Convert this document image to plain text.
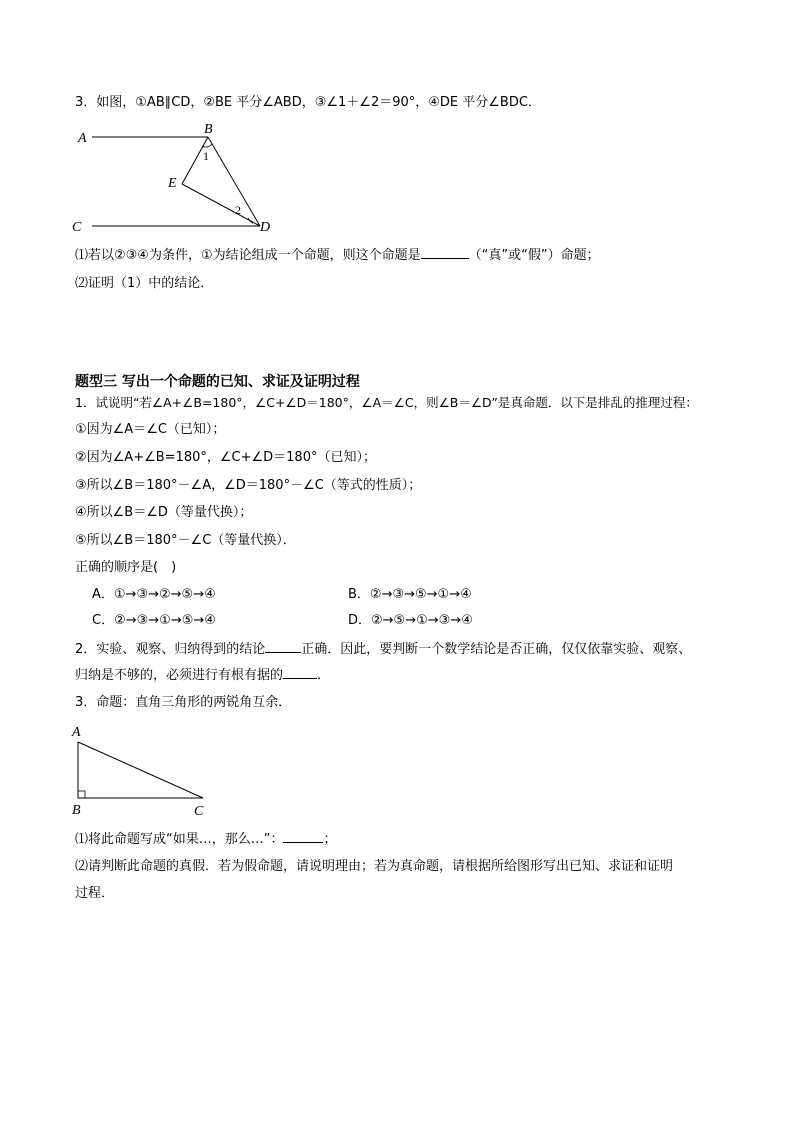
3．如图，①AB∥CD，②BE 平分∠ABD，③∠1＋∠2＝90°，④DE 平分∠BDC．
A
B
E
C	D
1
2
⑴若以②③④为条件，①为结论组成一个命题，则这个命题是	（“真”或“假”）命题；
⑵证明（1）中的结论．
题型三 写出一个命题的已知、求证及证明过程
1．试说明“若∠A+∠B=180°，∠C+∠D＝180°，∠A＝∠C，则∠B＝∠D”是真命题．以下是排乱的推理过程：
①因为∠A＝∠C（已知）；
②因为∠A+∠B=180°，∠C+∠D＝180°（已知）；
③所以∠B＝180°－∠A，∠D＝180°－∠C（等式的性质）；
④所以∠B＝∠D（等量代换）；
⑤所以∠B＝180°－∠C（等量代换）．
正确的顺序是(　)
A．①→③→②→⑤→④	B．②→③→⑤→①→④
C．②→③→①→⑤→④	D．②→⑤→①→③→④
2．实验、观察、归纳得到的结论	正确．因此，要判断一个数学结论是否正确，仅仅依靠实验、观察、
归纳是不够的，必须进行有根有据的	．
3．命题：直角三角形的两锐角互余．
A
B	C
⑴将此命题写成“如果…，那么…”：	；
⑵请判断此命题的真假．若为假命题，请说明理由；若为真命题，请根据所给图形写出已知、求证和证明
过程．
